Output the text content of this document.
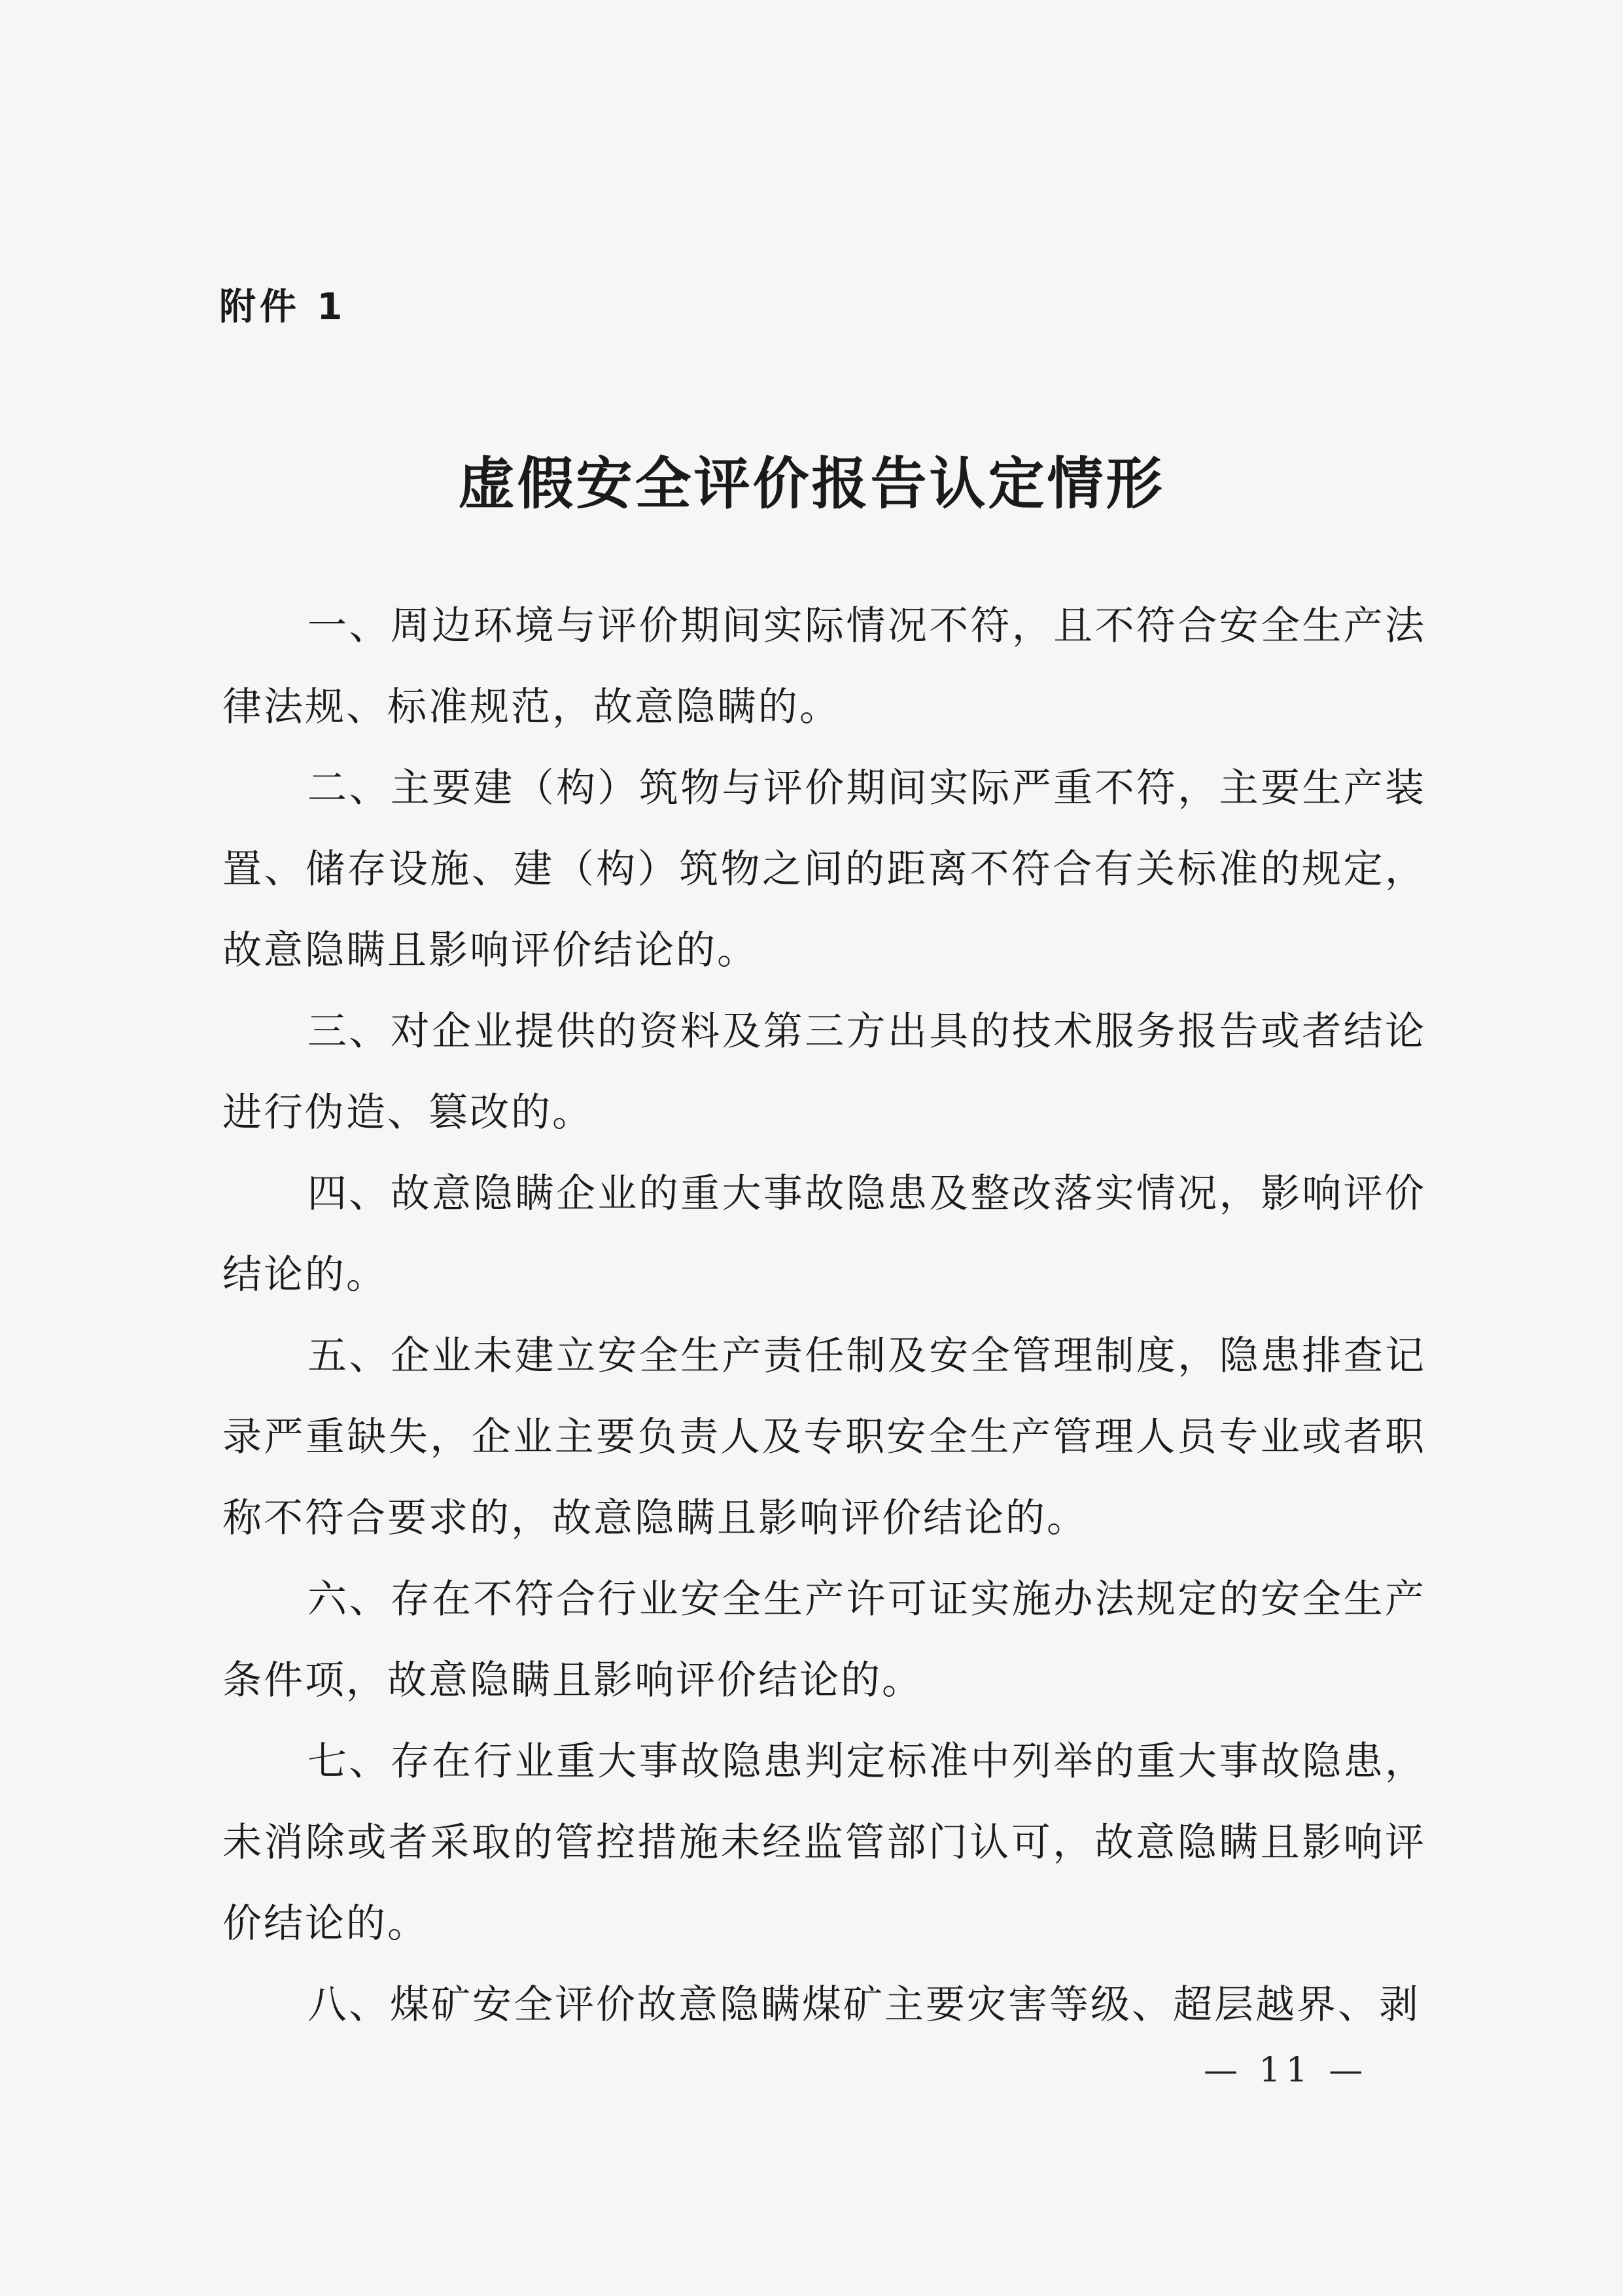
附件 1
虚假安全评价报告认定情形

一、周边环境与评价期间实际情况不符，且不符合安全生产法律法规、标准规范，故意隐瞒的。

二、主要建（构）筑物与评价期间实际严重不符，主要生产装置、储存设施、建（构）筑物之间的距离不符合有关标准的规定，故意隐瞒且影响评价结论的。

三、对企业提供的资料及第三方出具的技术服务报告或者结论进行伪造、篡改的。

四、故意隐瞒企业的重大事故隐患及整改落实情况，影响评价结论的。

五、企业未建立安全生产责任制及安全管理制度，隐患排查记录严重缺失，企业主要负责人及专职安全生产管理人员专业或者职称不符合要求的，故意隐瞒且影响评价结论的。

六、存在不符合行业安全生产许可证实施办法规定的安全生产条件项，故意隐瞒且影响评价结论的。

七、存在行业重大事故隐患判定标准中列举的重大事故隐患，未消除或者采取的管控措施未经监管部门认可，故意隐瞒且影响评价结论的。

八、煤矿安全评价故意隐瞒煤矿主要灾害等级、超层越界、剥

— 11 —
